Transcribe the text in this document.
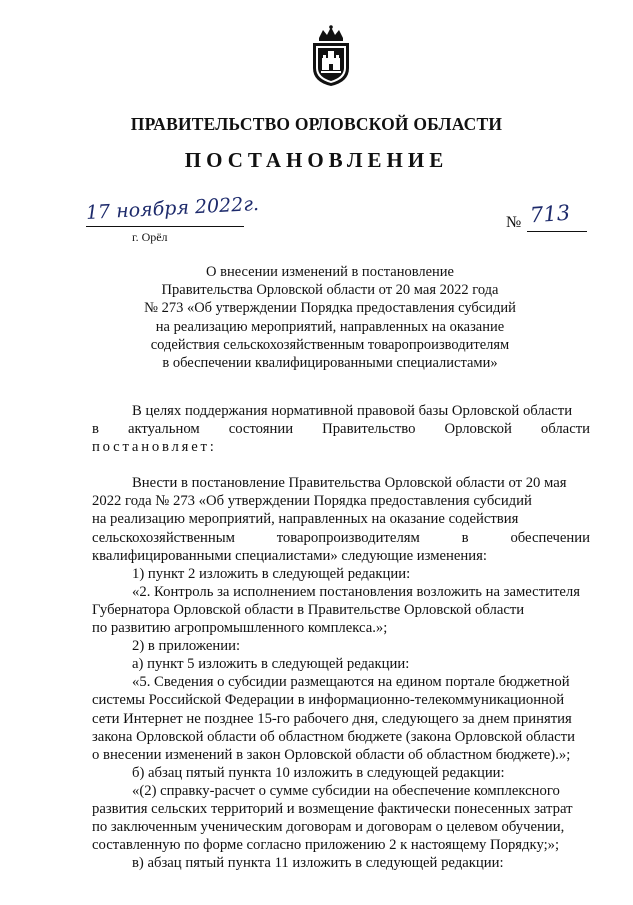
ПРАВИТЕЛЬСТВО ОРЛОВСКОЙ ОБЛАСТИ
ПОСТАНОВЛЕНИЕ
17 ноября 2022г.
г. Орёл
№ 713
О внесении изменений в постановление
Правительства Орловской области от 20 мая 2022 года
№ 273 «Об утверждении Порядка предоставления субсидий
на реализацию мероприятий, направленных на оказание
содействия сельскохозяйственным товаропроизводителям
в обеспечении квалифицированными специалистами»
В целях поддержания нормативной правовой базы Орловской области
в актуальном состоянии Правительство Орловской области
постановляет:
Внести в постановление Правительства Орловской области от 20 мая
2022 года № 273 «Об утверждении Порядка предоставления субсидий
на реализацию мероприятий, направленных на оказание содействия
сельскохозяйственным	товаропроизводителям	в	обеспечении
квалифицированными специалистами» следующие изменения:
1) пункт 2 изложить в следующей редакции:
«2. Контроль за исполнением постановления возложить на заместителя
Губернатора Орловской области в Правительстве Орловской области
по развитию агропромышленного комплекса.»;
2) в приложении:
а) пункт 5 изложить в следующей редакции:
«5. Сведения о субсидии размещаются на едином портале бюджетной
системы Российской Федерации в информационно-телекоммуникационной
сети Интернет не позднее 15-го рабочего дня, следующего за днем принятия
закона Орловской области об областном бюджете (закона Орловской области
о внесении изменений в закон Орловской области об областном бюджете).»;
б) абзац пятый пункта 10 изложить в следующей редакции:
«(2) справку-расчет о сумме субсидии на обеспечение комплексного
развития сельских территорий и возмещение фактически понесенных затрат
по заключенным ученическим договорам и договорам о целевом обучении,
составленную по форме согласно приложению 2 к настоящему Порядку;»;
в) абзац пятый пункта 11 изложить в следующей редакции:
